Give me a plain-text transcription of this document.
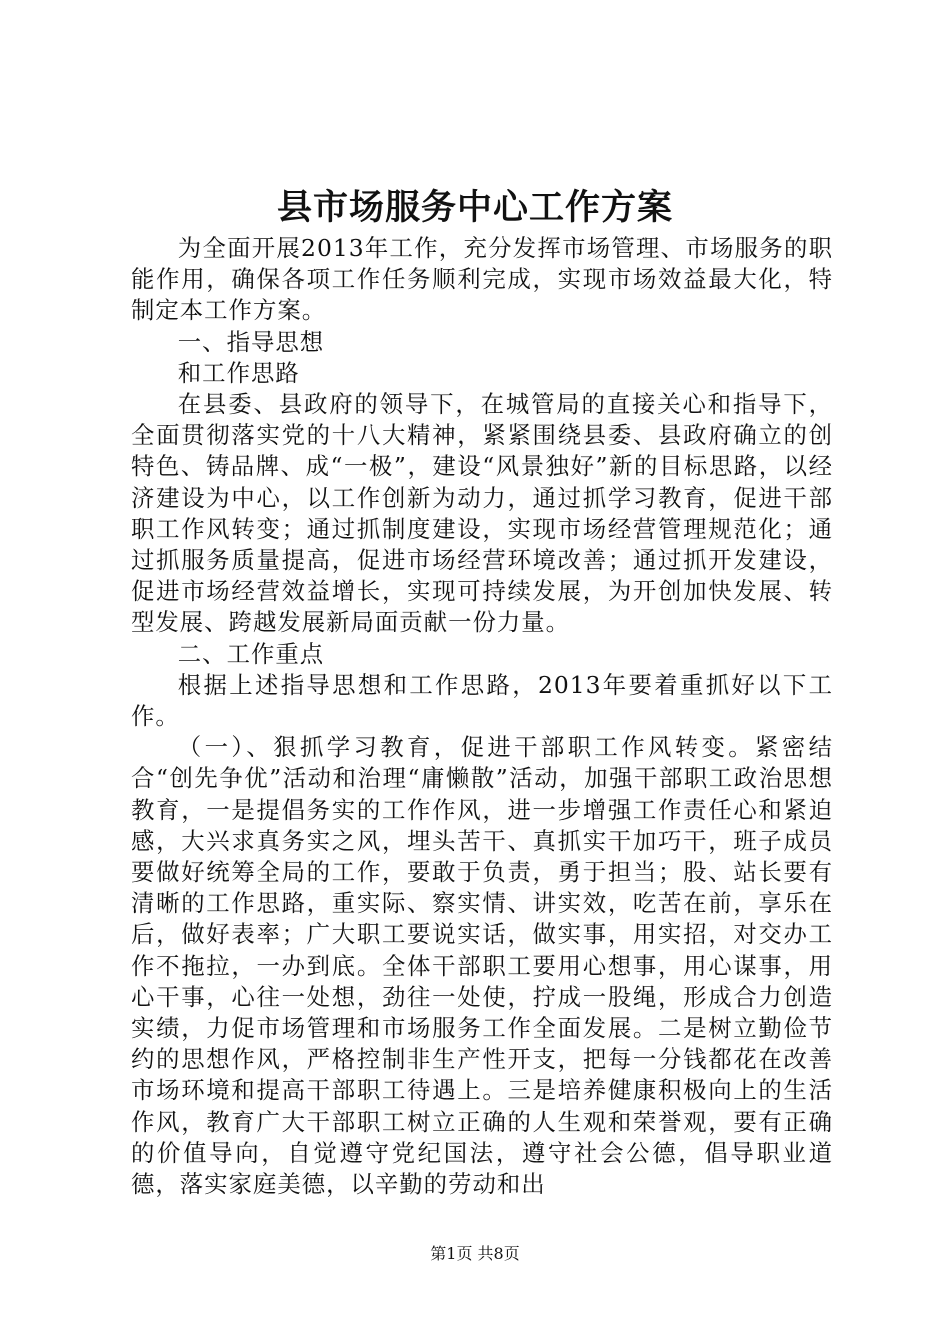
县市场服务中心工作方案

为全面开展2013年工作，充分发挥市场管理、市场服务的职能作用，确保各项工作任务顺利完成，实现市场效益最大化，特制定本工作方案。

一、指导思想

和工作思路

在县委、县政府的领导下，在城管局的直接关心和指导下，全面贯彻落实党的十八大精神，紧紧围绕县委、县政府确立的创特色、铸品牌、成“一极”，建设“风景独好”新的目标思路，以经济建设为中心，以工作创新为动力，通过抓学习教育，促进干部职工作风转变；通过抓制度建设，实现市场经营管理规范化；通过抓服务质量提高，促进市场经营环境改善；通过抓开发建设，促进市场经营效益增长，实现可持续发展，为开创加快发展、转型发展、跨越发展新局面贡献一份力量。

二、工作重点

根据上述指导思想和工作思路，2013年要着重抓好以下工作。

（一）、狠抓学习教育，促进干部职工作风转变。紧密结合“创先争优”活动和治理“庸懒散”活动，加强干部职工政治思想教育，一是提倡务实的工作作风，进一步增强工作责任心和紧迫感，大兴求真务实之风，埋头苦干、真抓实干加巧干，班子成员要做好统筹全局的工作，要敢于负责，勇于担当；股、站长要有清晰的工作思路，重实际、察实情、讲实效，吃苦在前，享乐在后，做好表率；广大职工要说实话，做实事，用实招，对交办工作不拖拉，一办到底。全体干部职工要用心想事，用心谋事，用心干事，心往一处想，劲往一处使，拧成一股绳，形成合力创造实绩，力促市场管理和市场服务工作全面发展。二是树立勤俭节约的思想作风，严格控制非生产性开支，把每一分钱都花在改善市场环境和提高干部职工待遇上。三是培养健康积极向上的生活作风，教育广大干部职工树立正确的人生观和荣誉观，要有正确的价值导向，自觉遵守党纪国法，遵守社会公德，倡导职业道德，落实家庭美德，以辛勤的劳动和出

第1页 共8页
